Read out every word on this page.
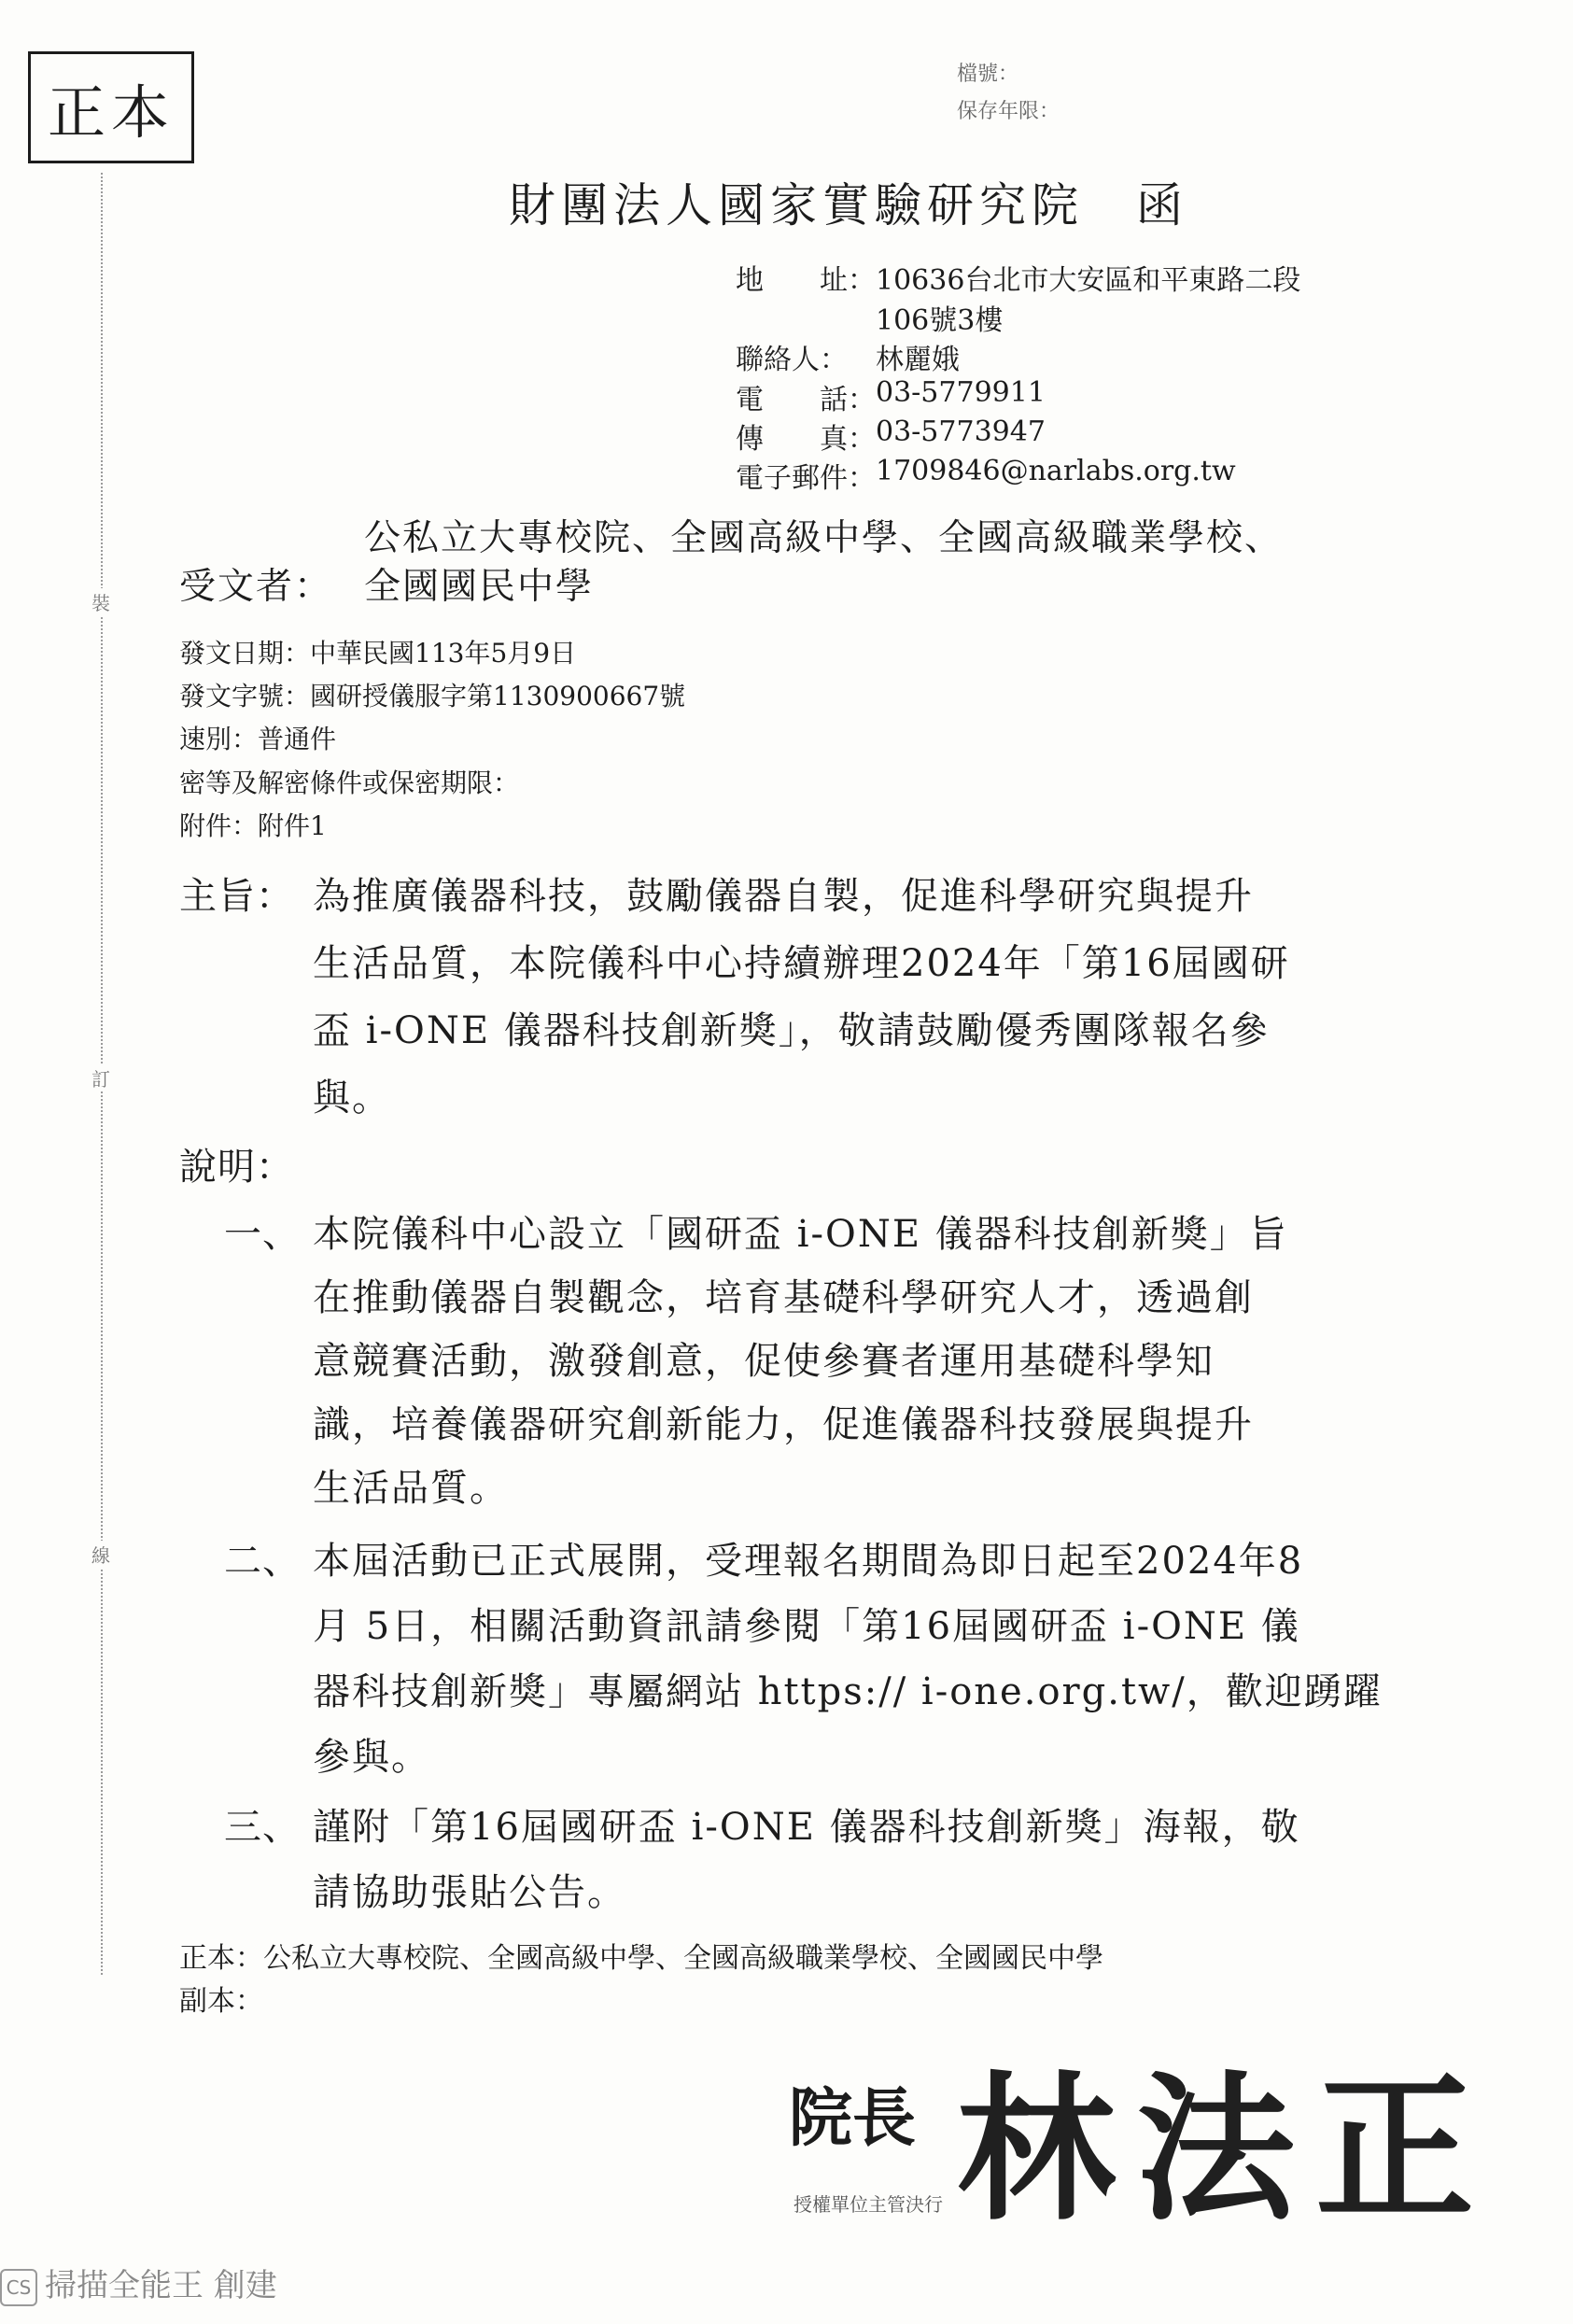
正本
檔號：
保存年限：
裝
訂
線
財團法人國家實驗研究院　函
地　　址： 10636台北市大安區和平東路二段
106號3樓
聯絡人： 林麗娥
電　　話： 03-5779911
傳　　真： 03-5773947
電子郵件： 1709846@narlabs.org.tw
公私立大專校院、全國高級中學、全國高級職業學校、
受文者： 全國國民中學
發文日期：中華民國113年5月9日
發文字號：國研授儀服字第1130900667號
速別：普通件
密等及解密條件或保密期限：
附件：附件1
主旨： 為推廣儀器科技，鼓勵儀器自製，促進科學研究與提升
生活品質，本院儀科中心持續辦理2024年「第16屆國研
盃 i-ONE 儀器科技創新獎」，敬請鼓勵優秀團隊報名參
與。
說明：
一、 本院儀科中心設立「國研盃 i-ONE 儀器科技創新獎」旨
在推動儀器自製觀念，培育基礎科學研究人才，透過創
意競賽活動，激發創意，促使參賽者運用基礎科學知
識，培養儀器研究創新能力，促進儀器科技發展與提升
生活品質。
二、 本屆活動已正式展開，受理報名期間為即日起至2024年8
月 5日，相關活動資訊請參閱「第16屆國研盃 i-ONE 儀
器科技創新獎」專屬網站 https:// i-one.org.tw/，歡迎踴躍
參與。
三、 謹附「第16屆國研盃 i-ONE 儀器科技創新獎」海報，敬
請協助張貼公告。
正本：公私立大專校院、全國高級中學、全國高級職業學校、全國國民中學
副本：
院長 林法正
授權單位主管決行
CS 掃描全能王 創建
